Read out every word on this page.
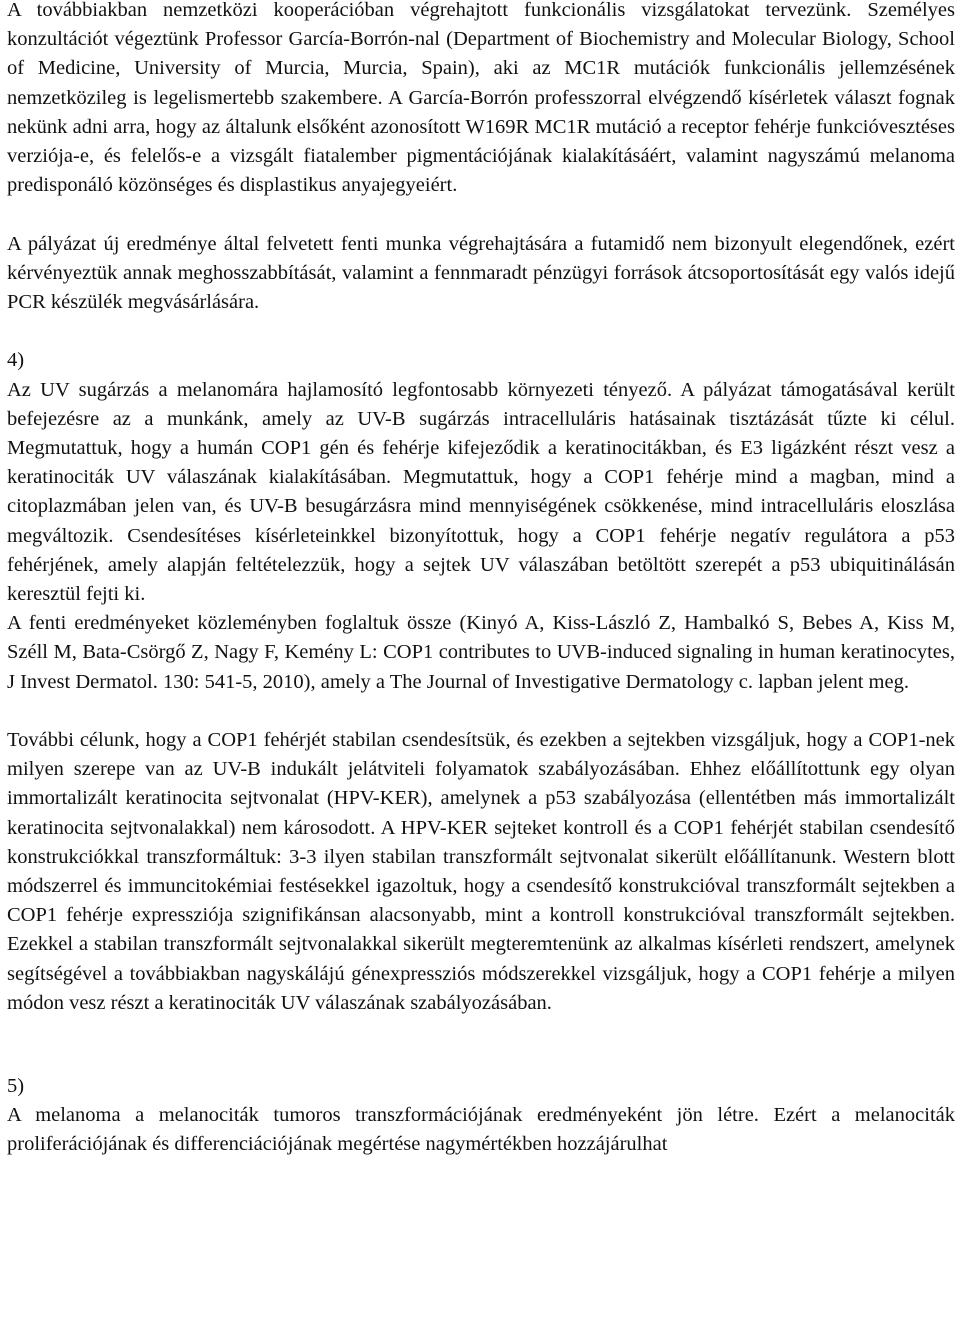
A továbbiakban nemzetközi kooperációban végrehajtott funkcionális vizsgálatokat tervezünk. Személyes konzultációt végeztünk Professor García-Borrón-nal (Department of Biochemistry and Molecular Biology, School of Medicine, University of Murcia, Murcia, Spain), aki az MC1R mutációk funkcionális jellemzésének nemzetközileg is legelismertebb szakembere. A García-Borrón professzorral elvégzendő kísérletek választ fognak nekünk adni arra, hogy az általunk elsőként azonosított W169R MC1R mutáció a receptor fehérje funkcióvesztéses verziója-e, és felelős-e a vizsgált fiatalember pigmentációjának kialakításáért, valamint nagyszámú melanoma predisponáló közönséges és displastikus anyajegyeiért.

A pályázat új eredménye által felvetett fenti munka végrehajtására a futamidő nem bizonyult elegendőnek, ezért kérvényeztük annak meghosszabbítását, valamint a fennmaradt pénzügyi források átcsoportosítását egy valós idejű PCR készülék megvásárlására.

4)

Az UV sugárzás a melanomára hajlamosító legfontosabb környezeti tényező. A pályázat támogatásával került befejezésre az a munkánk, amely az UV-B sugárzás intracelluláris hatásainak tisztázását tűzte ki célul. Megmutattuk, hogy a humán COP1 gén és fehérje kifejeződik a keratinocitákban, és E3 ligázként részt vesz a keratinociták UV válaszának kialakításában. Megmutattuk, hogy a COP1 fehérje mind a magban, mind a citoplazmában jelen van, és UV-B besugárzásra mind mennyiségének csökkenése, mind intracelluláris eloszlása megváltozik. Csendesítéses kísérleteinkkel bizonyítottuk, hogy a COP1 fehérje negatív regulátora a p53 fehérjének, amely alapján feltételezzük, hogy a sejtek UV válaszában betöltött szerepét a p53 ubiquitinálásán keresztül fejti ki.

A fenti eredményeket közleményben foglaltuk össze (Kinyó A, Kiss-László Z, Hambalkó S, Bebes A, Kiss M, Széll M, Bata-Csörgő Z, Nagy F, Kemény L: COP1 contributes to UVB-induced signaling in human keratinocytes, J Invest Dermatol. 130: 541-5, 2010), amely a The Journal of Investigative Dermatology c. lapban jelent meg.

További célunk, hogy a COP1 fehérjét stabilan csendesítsük, és ezekben a sejtekben vizsgáljuk, hogy a COP1-nek milyen szerepe van az UV-B indukált jelátviteli folyamatok szabályozásában. Ehhez előállítottunk egy olyan immortalizált keratinocita sejtvonalat (HPV-KER), amelynek a p53 szabályozása (ellentétben más immortalizált keratinocita sejtvonalakkal) nem károsodott. A HPV-KER sejteket kontroll és a COP1 fehérjét stabilan csendesítő konstrukciókkal transzformáltuk: 3-3 ilyen stabilan transzformált sejtvonalat sikerült előállítanunk. Western blott módszerrel és immuncitokémiai festésekkel igazoltuk, hogy a csendesítő konstrukcióval transzformált sejtekben a COP1 fehérje expressziója szignifikánsan alacsonyabb, mint a kontroll konstrukcióval transzformált sejtekben. Ezekkel a stabilan transzformált sejtvonalakkal sikerült megteremtenünk az alkalmas kísérleti rendszert, amelynek segítségével a továbbiakban nagyskálájú génexpressziós módszerekkel vizsgáljuk, hogy a COP1 fehérje a milyen módon vesz részt a keratinociták UV válaszának szabályozásában.

5)

A melanoma a melanociták tumoros transzformációjának eredményeként jön létre. Ezért a melanociták proliferációjának és differenciációjának megértése nagymértékben hozzájárulhat
